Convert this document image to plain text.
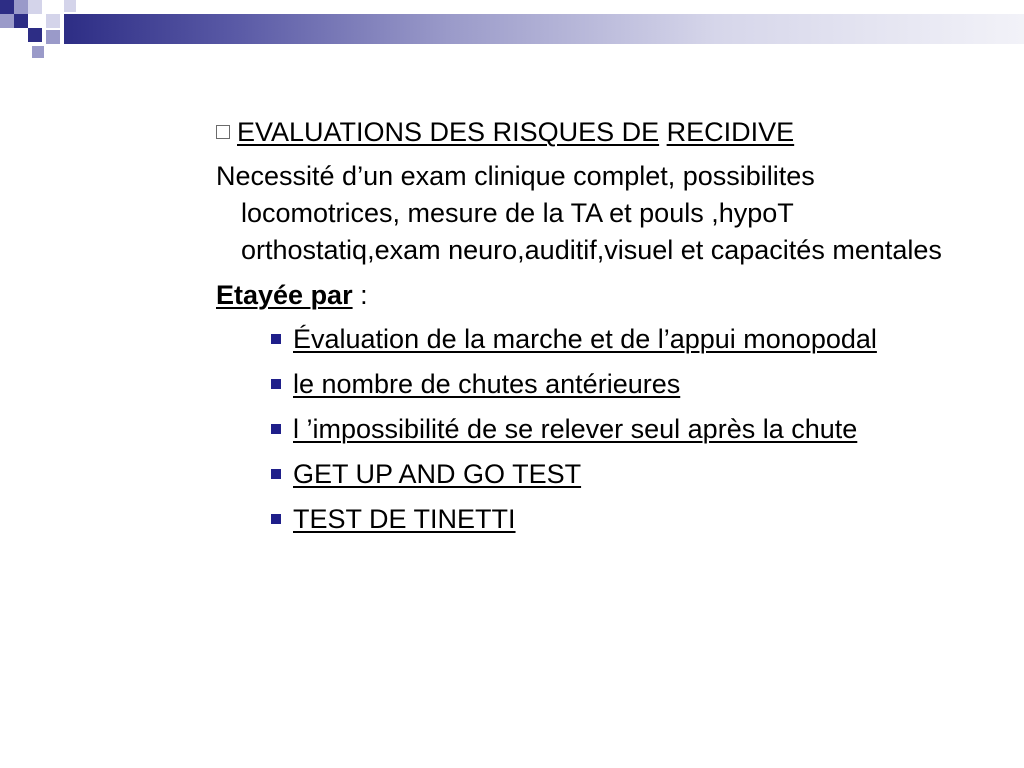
EVALUATIONS DES RISQUES DE RECIDIVE
Necessité d’un exam clinique complet, possibilites locomotrices, mesure de la TA et pouls ,hypoT orthostatiq,exam neuro,auditif,visuel et capacités mentales
Etayée par :
Évaluation de la marche et de l’appui monopodal
le nombre de chutes antérieures
l ’impossibilité de se relever seul après la chute
GET UP AND GO TEST
TEST DE TINETTI
